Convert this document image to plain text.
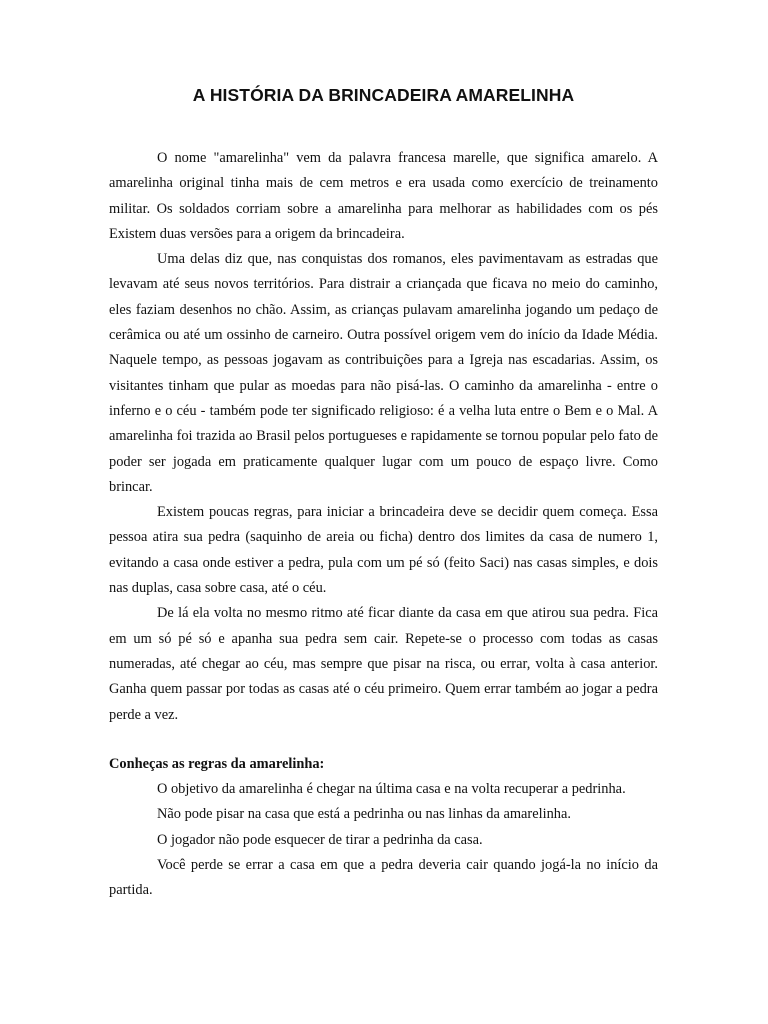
A HISTÓRIA DA BRINCADEIRA AMARELINHA

O nome "amarelinha" vem da palavra francesa marelle, que significa amarelo. A amarelinha original tinha mais de cem metros e era usada como exercício de treinamento militar. Os soldados corriam sobre a amarelinha para melhorar as habilidades com os pés Existem duas versões para a origem da brincadeira.

Uma delas diz que, nas conquistas dos romanos, eles pavimentavam as estradas que levavam até seus novos territórios. Para distrair a criançada que ficava no meio do caminho, eles faziam desenhos no chão. Assim, as crianças pulavam amarelinha jogando um pedaço de cerâmica ou até um ossinho de carneiro. Outra possível origem vem do início da Idade Média. Naquele tempo, as pessoas jogavam as contribuições para a Igreja nas escadarias. Assim, os visitantes tinham que pular as moedas para não pisá-las. O caminho da amarelinha - entre o inferno e o céu - também pode ter significado religioso: é a velha luta entre o Bem e o Mal. A amarelinha foi trazida ao Brasil pelos portugueses e rapidamente se tornou popular pelo fato de poder ser jogada em praticamente qualquer lugar com um pouco de espaço livre. Como brincar.

Existem poucas regras, para iniciar a brincadeira deve se decidir quem começa. Essa pessoa atira sua pedra (saquinho de areia ou ficha) dentro dos limites da casa de numero 1, evitando a casa onde estiver a pedra, pula com um pé só (feito Saci) nas casas simples, e dois nas duplas, casa sobre casa, até o céu.

De lá ela volta no mesmo ritmo até ficar diante da casa em que atirou sua pedra. Fica em um só pé só e apanha sua pedra sem cair. Repete-se o processo com todas as casas numeradas, até chegar ao céu, mas sempre que pisar na risca, ou errar, volta à casa anterior. Ganha quem passar por todas as casas até o céu primeiro. Quem errar também ao jogar a pedra perde a vez.

Conheças as regras da amarelinha:

O objetivo da amarelinha é chegar na última casa e na volta recuperar a pedrinha.

Não pode pisar na casa que está a pedrinha ou nas linhas da amarelinha.

O jogador não pode esquecer de tirar a pedrinha da casa.

Você perde se errar a casa em que a pedra deveria cair quando jogá-la no início da partida.
